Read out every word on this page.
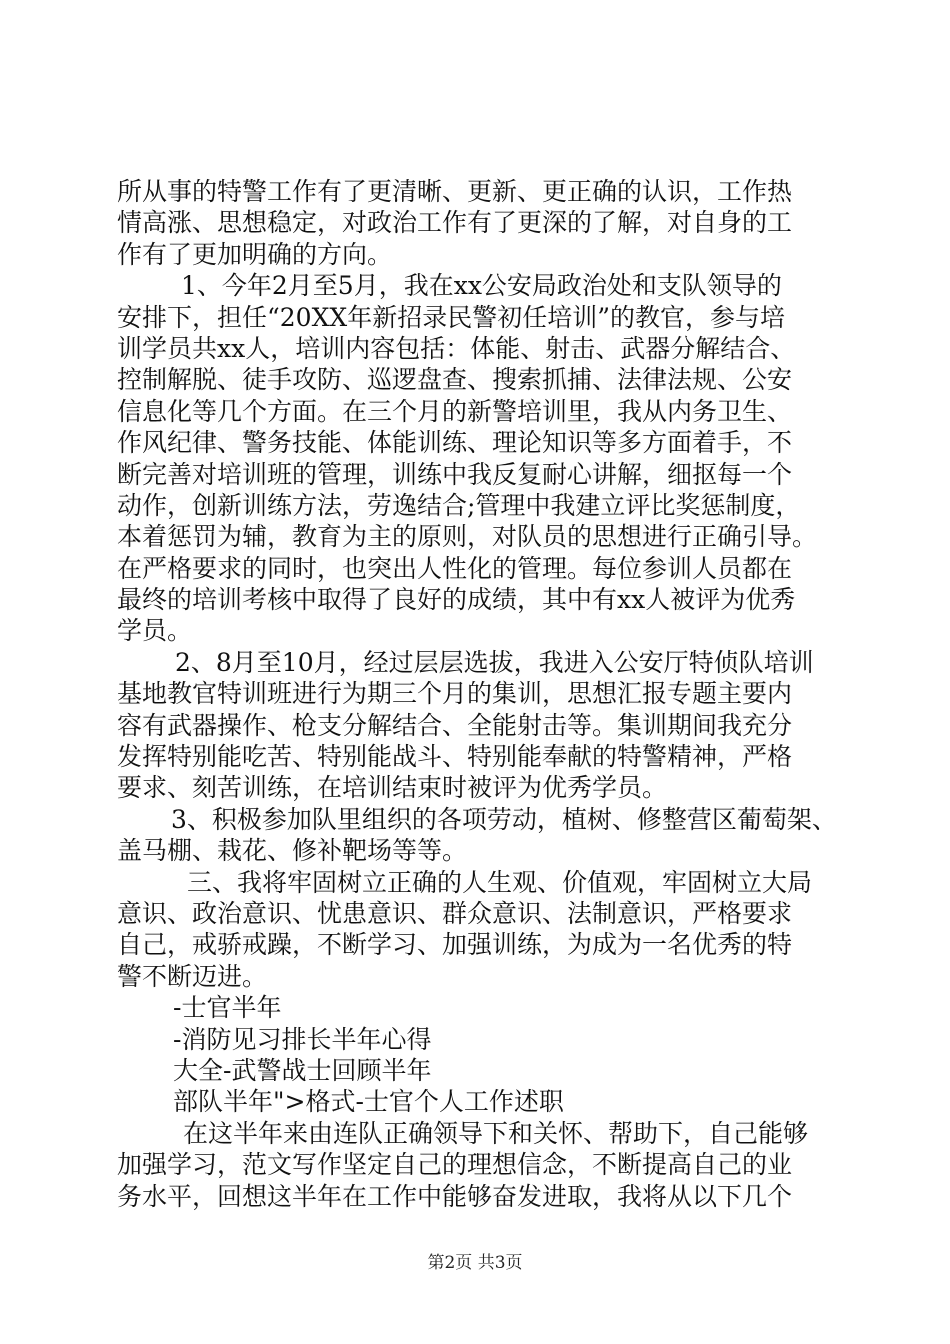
所从事的特警工作有了更清晰、更新、更正确的认识，工作热
情高涨、思想稳定，对政治工作有了更深的了解，对自身的工
作有了更加明确的方向。
1、今年2月至5月，我在xx公安局政治处和支队领导的
安排下，担任“20XX年新招录民警初任培训”的教官，参与培
训学员共xx人，培训内容包括：体能、射击、武器分解结合、
控制解脱、徒手攻防、巡逻盘查、搜索抓捕、法律法规、公安
信息化等几个方面。在三个月的新警培训里，我从内务卫生、
作风纪律、警务技能、体能训练、理论知识等多方面着手，不
断完善对培训班的管理，训练中我反复耐心讲解，细抠每一个
动作，创新训练方法，劳逸结合;管理中我建立评比奖惩制度，
本着惩罚为辅，教育为主的原则，对队员的思想进行正确引导。
在严格要求的同时，也突出人性化的管理。每位参训人员都在
最终的培训考核中取得了良好的成绩，其中有xx人被评为优秀
学员。
2、8月至10月，经过层层选拔，我进入公安厅特侦队培训
基地教官特训班进行为期三个月的集训，思想汇报专题主要内
容有武器操作、枪支分解结合、全能射击等。集训期间我充分
发挥特别能吃苦、特别能战斗、特别能奉献的特警精神，严格
要求、刻苦训练，在培训结束时被评为优秀学员。
3、积极参加队里组织的各项劳动，植树、修整营区葡萄架、
盖马棚、栽花、修补靶场等等。
三、我将牢固树立正确的人生观、价值观，牢固树立大局
意识、政治意识、忧患意识、群众意识、法制意识，严格要求
自己，戒骄戒躁，不断学习、加强训练，为成为一名优秀的特
警不断迈进。
-士官半年
-消防见习排长半年心得
大全-武警战士回顾半年
部队半年">格式-士官个人工作述职
在这半年来由连队正确领导下和关怀、帮助下，自己能够
加强学习，范文写作坚定自己的理想信念，不断提高自己的业
务水平，回想这半年在工作中能够奋发进取，我将从以下几个
第2页 共3页
